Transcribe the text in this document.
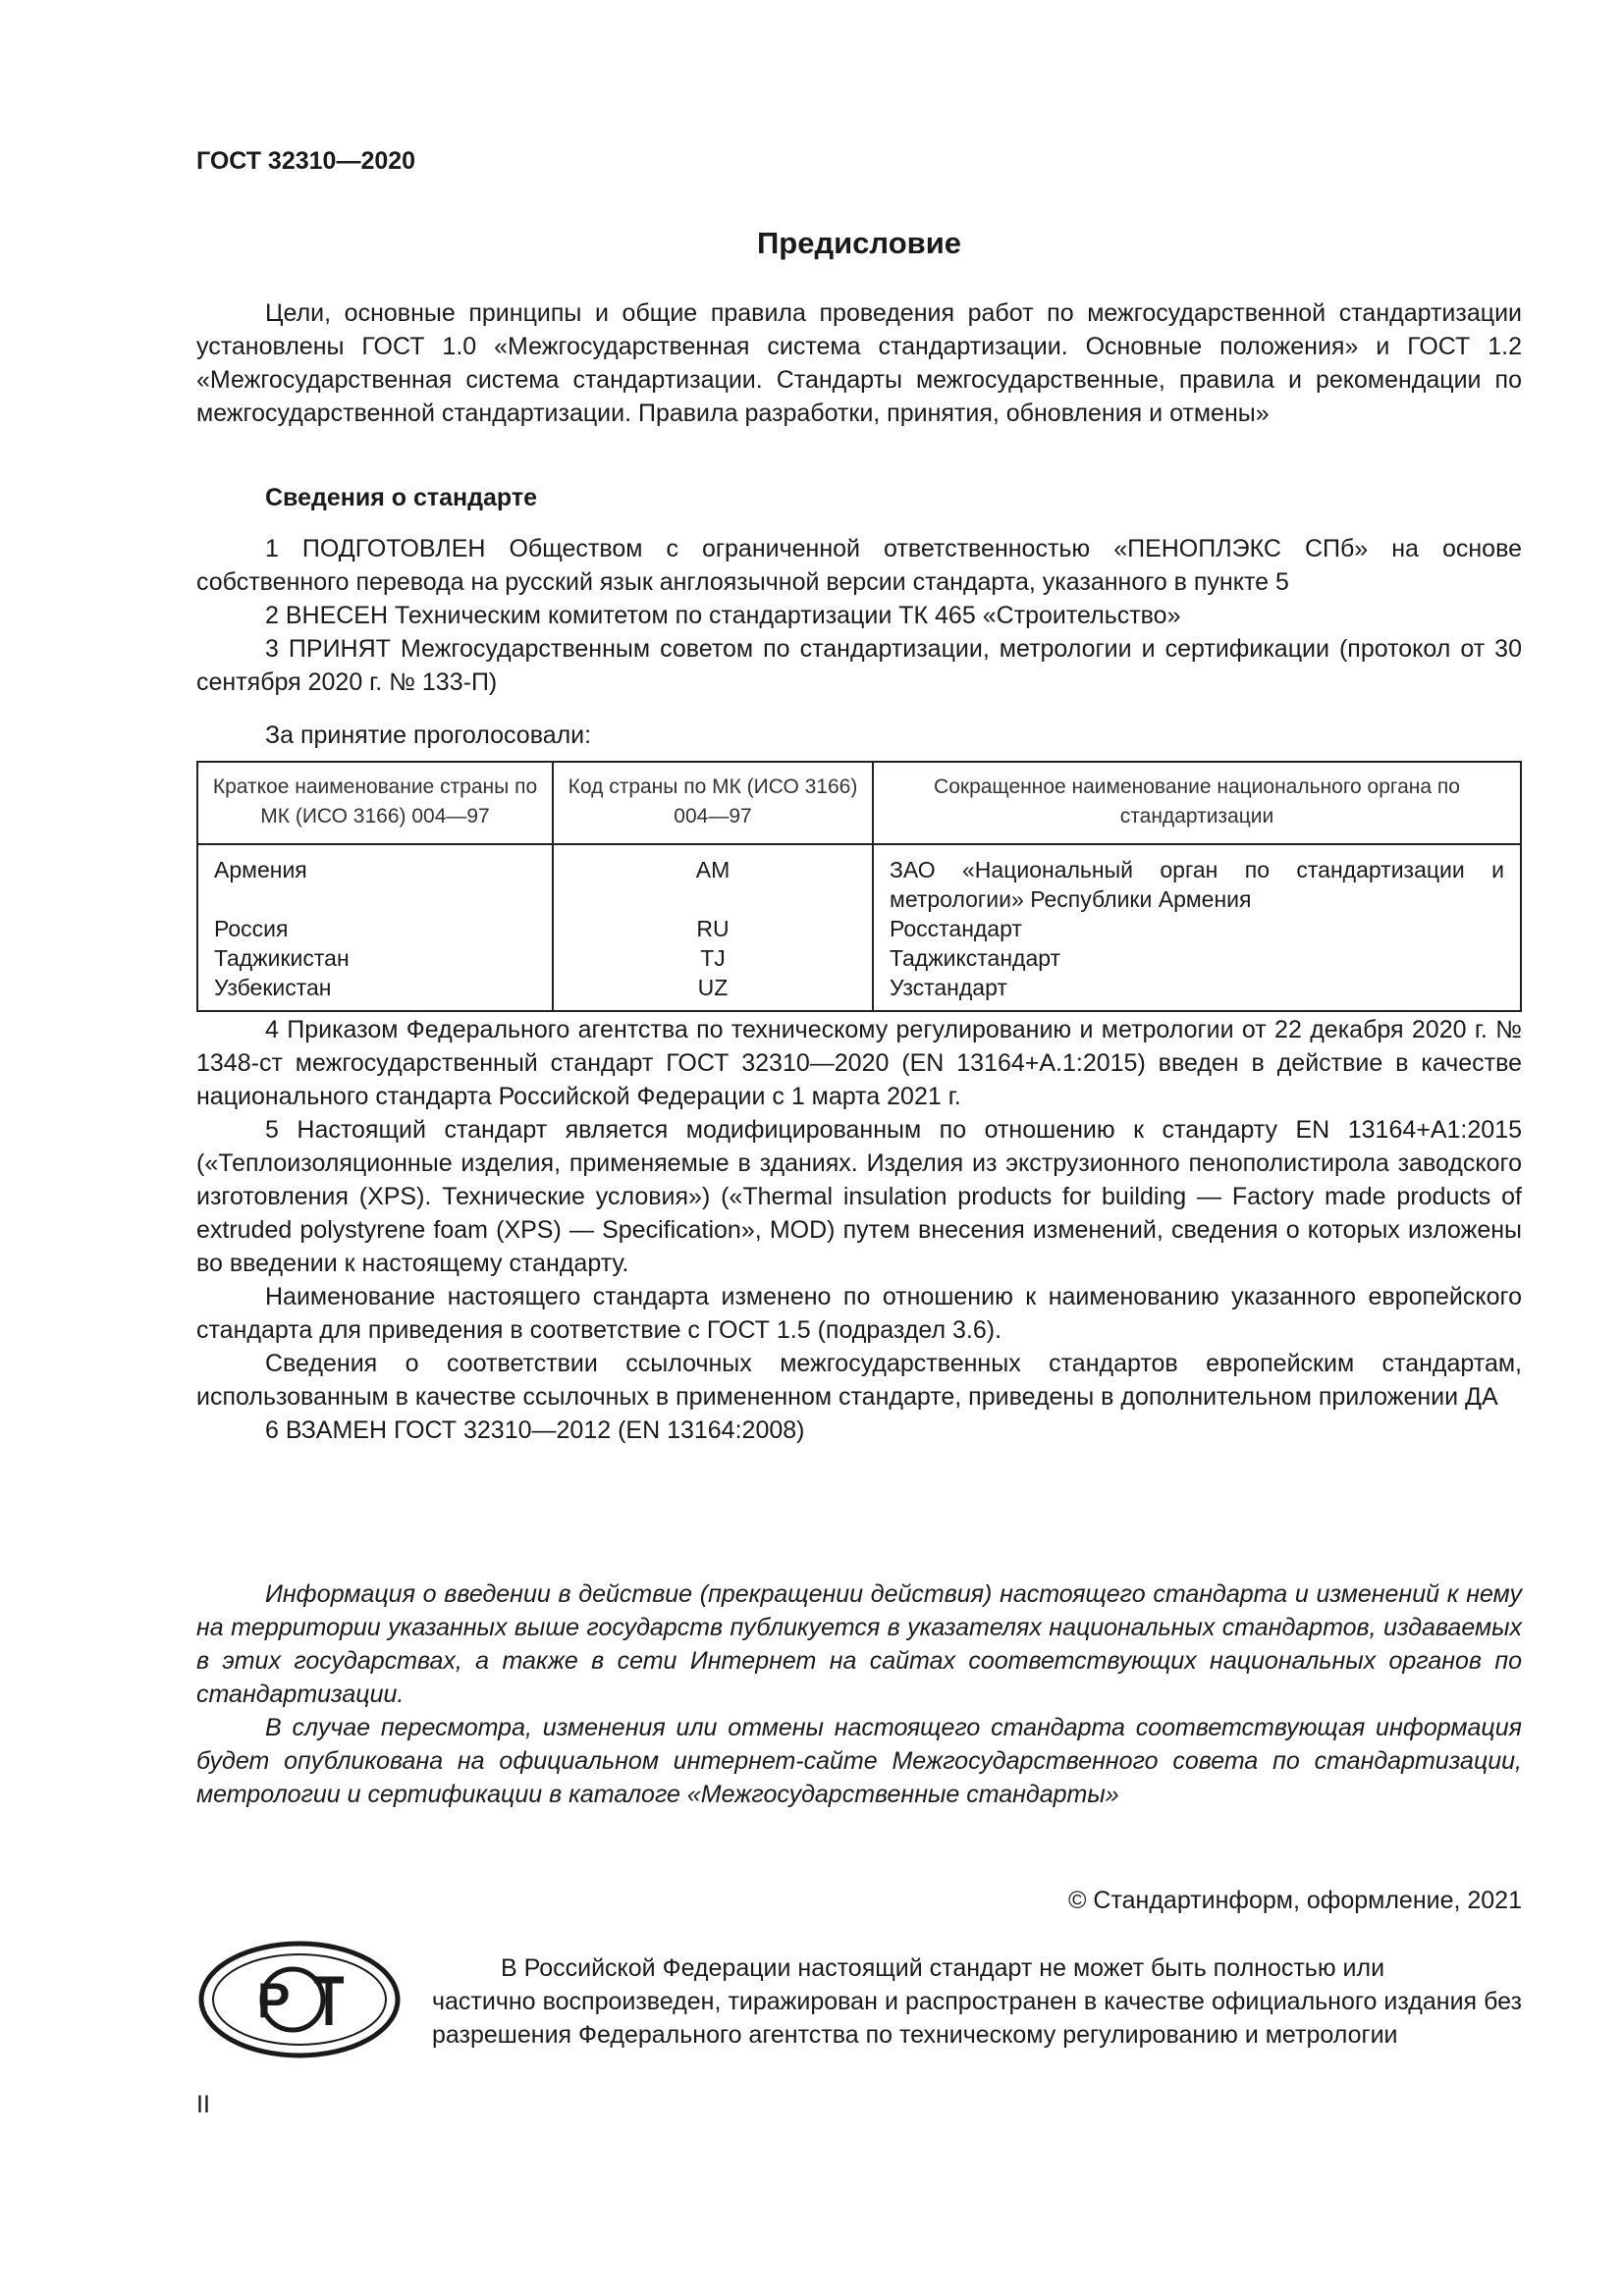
ГОСТ 32310—2020
Предисловие

Цели, основные принципы и общие правила проведения работ по межгосударственной стандартизации установлены ГОСТ 1.0 «Межгосударственная система стандартизации. Основные положения» и ГОСТ 1.2 «Межгосударственная система стандартизации. Стандарты межгосударственные, правила и рекомендации по межгосударственной стандартизации. Правила разработки, принятия, обновления и отмены»

Сведения о стандарте

1 ПОДГОТОВЛЕН Обществом с ограниченной ответственностью «ПЕНОПЛЭКС СПб» на основе собственного перевода на русский язык англоязычной версии стандарта, указанного в пункте 5

2 ВНЕСЕН Техническим комитетом по стандартизации ТК 465 «Строительство»

3 ПРИНЯТ Межгосударственным советом по стандартизации, метрологии и сертификации (протокол от 30 сентября 2020 г. № 133-П)

За принятие проголосовали:

Краткое наименование страны по МК (ИСО 3166) 004—97	Код страны по МК (ИСО 3166) 004—97	Сокращенное наименование национального органа по стандартизации
Армения	AM	ЗАО «Национальный орган по стандартизации и метрологии» Республики Армения
Россия	RU	Росстандарт
Таджикистан	TJ	Таджикстандарт
Узбекистан	UZ	Узстандарт

4 Приказом Федерального агентства по техническому регулированию и метрологии от 22 декабря 2020 г. № 1348-ст межгосударственный стандарт ГОСТ 32310—2020 (EN 13164+A.1:2015) введен в действие в качестве национального стандарта Российской Федерации с 1 марта 2021 г.

5 Настоящий стандарт является модифицированным по отношению к стандарту EN 13164+A1:2015 («Теплоизоляционные изделия, применяемые в зданиях. Изделия из экструзионного пенополистирола заводского изготовления (XPS). Технические условия») («Thermal insulation products for building — Factory made products of extruded polystyrene foam (XPS) — Specification», MOD) путем внесения изменений, сведения о которых изложены во введении к настоящему стандарту.

Наименование настоящего стандарта изменено по отношению к наименованию указанного европейского стандарта для приведения в соответствие с ГОСТ 1.5 (подраздел 3.6).

Сведения о соответствии ссылочных межгосударственных стандартов европейским стандартам, использованным в качестве ссылочных в примененном стандарте, приведены в дополнительном приложении ДА

6 ВЗАМЕН ГОСТ 32310—2012 (EN 13164:2008)

Информация о введении в действие (прекращении действия) настоящего стандарта и изменений к нему на территории указанных выше государств публикуется в указателях национальных стандартов, издаваемых в этих государствах, а также в сети Интернет на сайтах соответствующих национальных органов по стандартизации.

В случае пересмотра, изменения или отмены настоящего стандарта соответствующая информация будет опубликована на официальном интернет-сайте Межгосударственного совета по стандартизации, метрологии и сертификации в каталоге «Межгосударственные стандарты»

© Стандартинформ, оформление, 2021
P
В Российской Федерации настоящий стандарт не может быть полностью или
частично воспроизведен, тиражирован и распространен в качестве официального издания без разрешения Федерального агентства по техническому регулированию и метрологии
II
